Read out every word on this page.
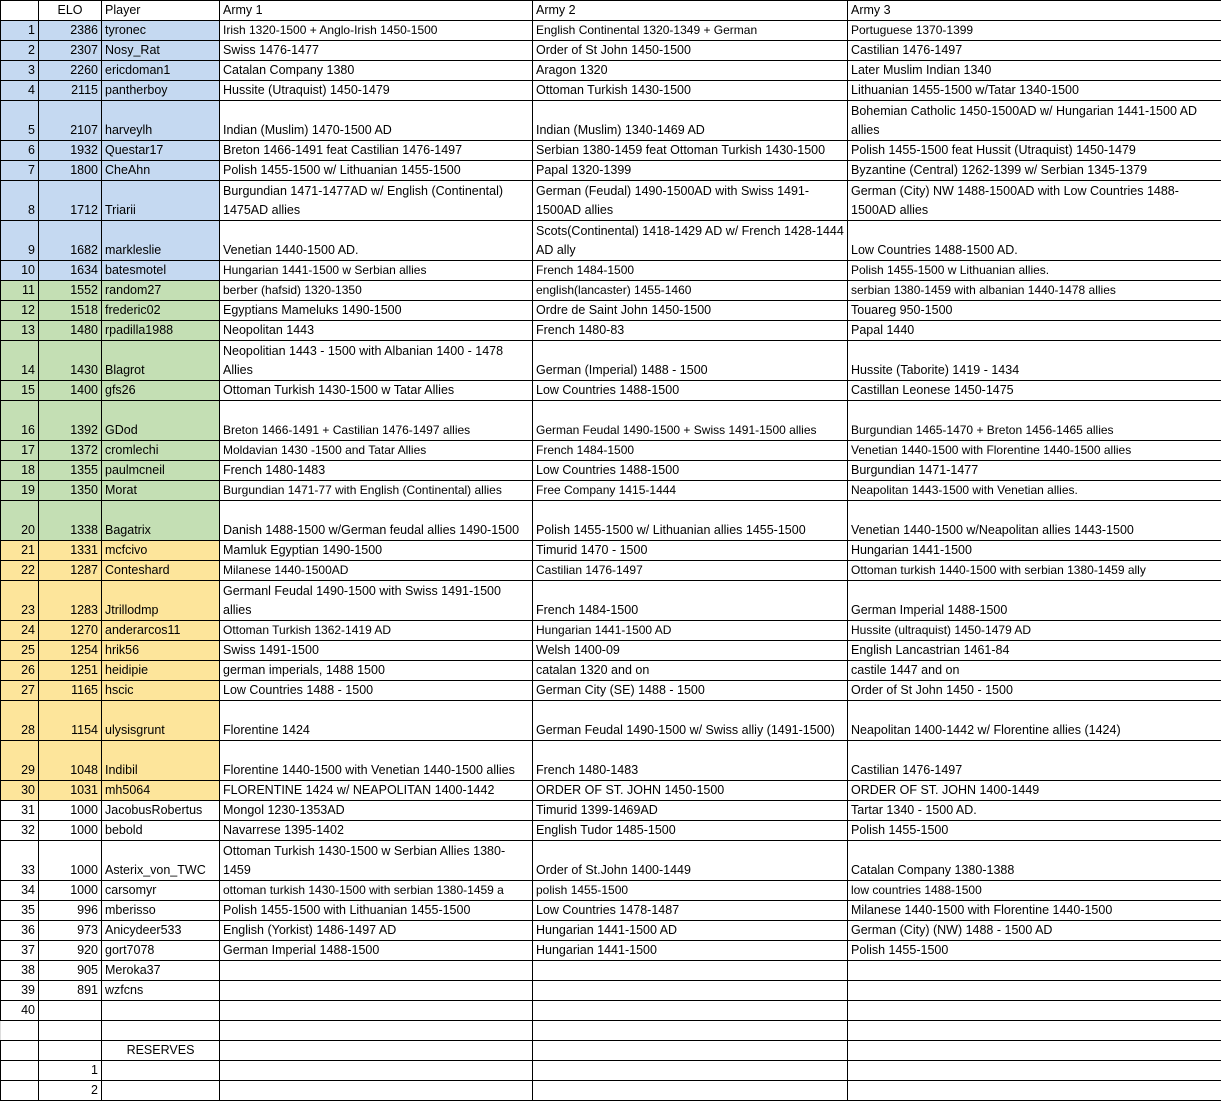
	ELO	Player	Army 1	Army 2	Army 3
1	2386	tyronec	Irish 1320-1500 + Anglo-Irish 1450-1500	English Continental 1320-1349 + German	Portuguese 1370-1399
2	2307	Nosy_Rat	Swiss 1476-1477	Order of St John 1450-1500	Castilian 1476-1497
3	2260	ericdoman1	Catalan Company 1380	Aragon 1320	Later Muslim Indian 1340
4	2115	pantherboy	Hussite (Utraquist) 1450-1479	Ottoman Turkish 1430-1500	Lithuanian 1455-1500 w/Tatar 1340-1500
5	2107	harveylh	Indian (Muslim) 1470-1500 AD	Indian (Muslim) 1340-1469 AD	Bohemian Catholic 1450-1500AD w/ Hungarian 1441-1500 AD allies
6	1932	Questar17	Breton 1466-1491 feat Castilian 1476-1497	Serbian 1380-1459 feat Ottoman Turkish 1430-1500	Polish 1455-1500 feat Hussit (Utraquist) 1450-1479
7	1800	CheAhn	Polish 1455-1500 w/ Lithuanian 1455-1500	Papal 1320-1399	Byzantine (Central) 1262-1399 w/ Serbian 1345-1379
8	1712	Triarii	Burgundian 1471-1477AD w/ English (Continental) 1475AD allies	German (Feudal) 1490-1500AD with Swiss 1491-1500AD allies	German (City) NW 1488-1500AD with Low Countries 1488-1500AD allies
9	1682	markleslie	Venetian 1440-1500 AD.	Scots(Continental) 1418-1429 AD w/ French 1428-1444 AD ally	Low Countries 1488-1500 AD.
10	1634	batesmotel	Hungarian 1441-1500 w Serbian allies	French 1484-1500	Polish 1455-1500 w Lithuanian allies.
11	1552	random27	berber (hafsid) 1320-1350	english(lancaster) 1455-1460	serbian 1380-1459 with albanian 1440-1478 allies
12	1518	frederic02	Egyptians Mameluks 1490-1500	Ordre de Saint John 1450-1500	Touareg 950-1500
13	1480	rpadilla1988	Neopolitan 1443	French 1480-83	Papal 1440
14	1430	Blagrot	Neopolitian 1443 - 1500 with Albanian 1400 - 1478 Allies	German (Imperial) 1488 - 1500	Hussite (Taborite) 1419 - 1434
15	1400	gfs26	Ottoman Turkish 1430-1500 w Tatar Allies	Low Countries 1488-1500	Castillan Leonese 1450-1475
16	1392	GDod	Breton 1466-1491 + Castilian 1476-1497 allies	German Feudal 1490-1500 + Swiss 1491-1500 allies	Burgundian 1465-1470 + Breton 1456-1465 allies
17	1372	cromlechi	Moldavian 1430 -1500 and Tatar Allies	French 1484-1500	Venetian 1440-1500 with Florentine 1440-1500 allies
18	1355	paulmcneil	French 1480-1483	Low Countries 1488-1500	Burgundian 1471-1477
19	1350	Morat	Burgundian 1471-77 with English (Continental) allies	Free Company 1415-1444	Neapolitan 1443-1500 with Venetian allies.
20	1338	Bagatrix	Danish 1488-1500 w/German feudal allies 1490-1500	Polish 1455-1500 w/ Lithuanian allies 1455-1500	Venetian 1440-1500 w/Neapolitan allies 1443-1500
21	1331	mcfcivo	Mamluk Egyptian 1490-1500	Timurid 1470 - 1500	Hungarian 1441-1500
22	1287	Conteshard	Milanese 1440-1500AD	Castilian 1476-1497	Ottoman turkish 1440-1500 with serbian 1380-1459 ally
23	1283	Jtrillodmp	Germanl Feudal 1490-1500 with Swiss 1491-1500 allies	French 1484-1500	German Imperial 1488-1500
24	1270	anderarcos11	Ottoman Turkish 1362-1419 AD	Hungarian 1441-1500 AD	Hussite (ultraquist) 1450-1479 AD
25	1254	hrik56	Swiss 1491-1500	Welsh 1400-09	English Lancastrian 1461-84
26	1251	heidipie	german imperials, 1488 1500	catalan 1320 and on	castile 1447 and on
27	1165	hscic	Low Countries 1488 - 1500	German City (SE) 1488 - 1500	Order of St John 1450 - 1500
28	1154	ulysisgrunt	Florentine 1424	German Feudal 1490-1500 w/ Swiss alliy (1491-1500)	Neapolitan 1400-1442 w/ Florentine allies (1424)
29	1048	Indibil	Florentine 1440-1500 with Venetian 1440-1500 allies	French 1480-1483	Castilian 1476-1497
30	1031	mh5064	FLORENTINE 1424 w/ NEAPOLITAN 1400-1442	ORDER OF ST. JOHN 1450-1500	ORDER OF ST. JOHN 1400-1449
31	1000	JacobusRobertus	Mongol 1230-1353AD	Timurid 1399-1469AD	Tartar 1340 - 1500 AD.
32	1000	bebold	Navarrese 1395-1402	English Tudor 1485-1500	Polish 1455-1500
33	1000	Asterix_von_TWC	Ottoman Turkish 1430-1500 w Serbian Allies 1380-1459	Order of St.John 1400-1449	Catalan Company 1380-1388
34	1000	carsomyr	ottoman turkish 1430-1500 with serbian 1380-1459 a	polish 1455-1500	low countries 1488-1500
35	996	mberisso	Polish 1455-1500 with Lithuanian 1455-1500	Low Countries 1478-1487	Milanese 1440-1500 with Florentine 1440-1500
36	973	Anicydeer533	English (Yorkist) 1486-1497 AD	Hungarian 1441-1500 AD	German (City) (NW) 1488 - 1500 AD
37	920	gort7078	German Imperial 1488-1500	Hungarian 1441-1500	Polish 1455-1500
38	905	Meroka37			
39	891	wzfcns			
40					

		RESERVES			
	1				
	2				
